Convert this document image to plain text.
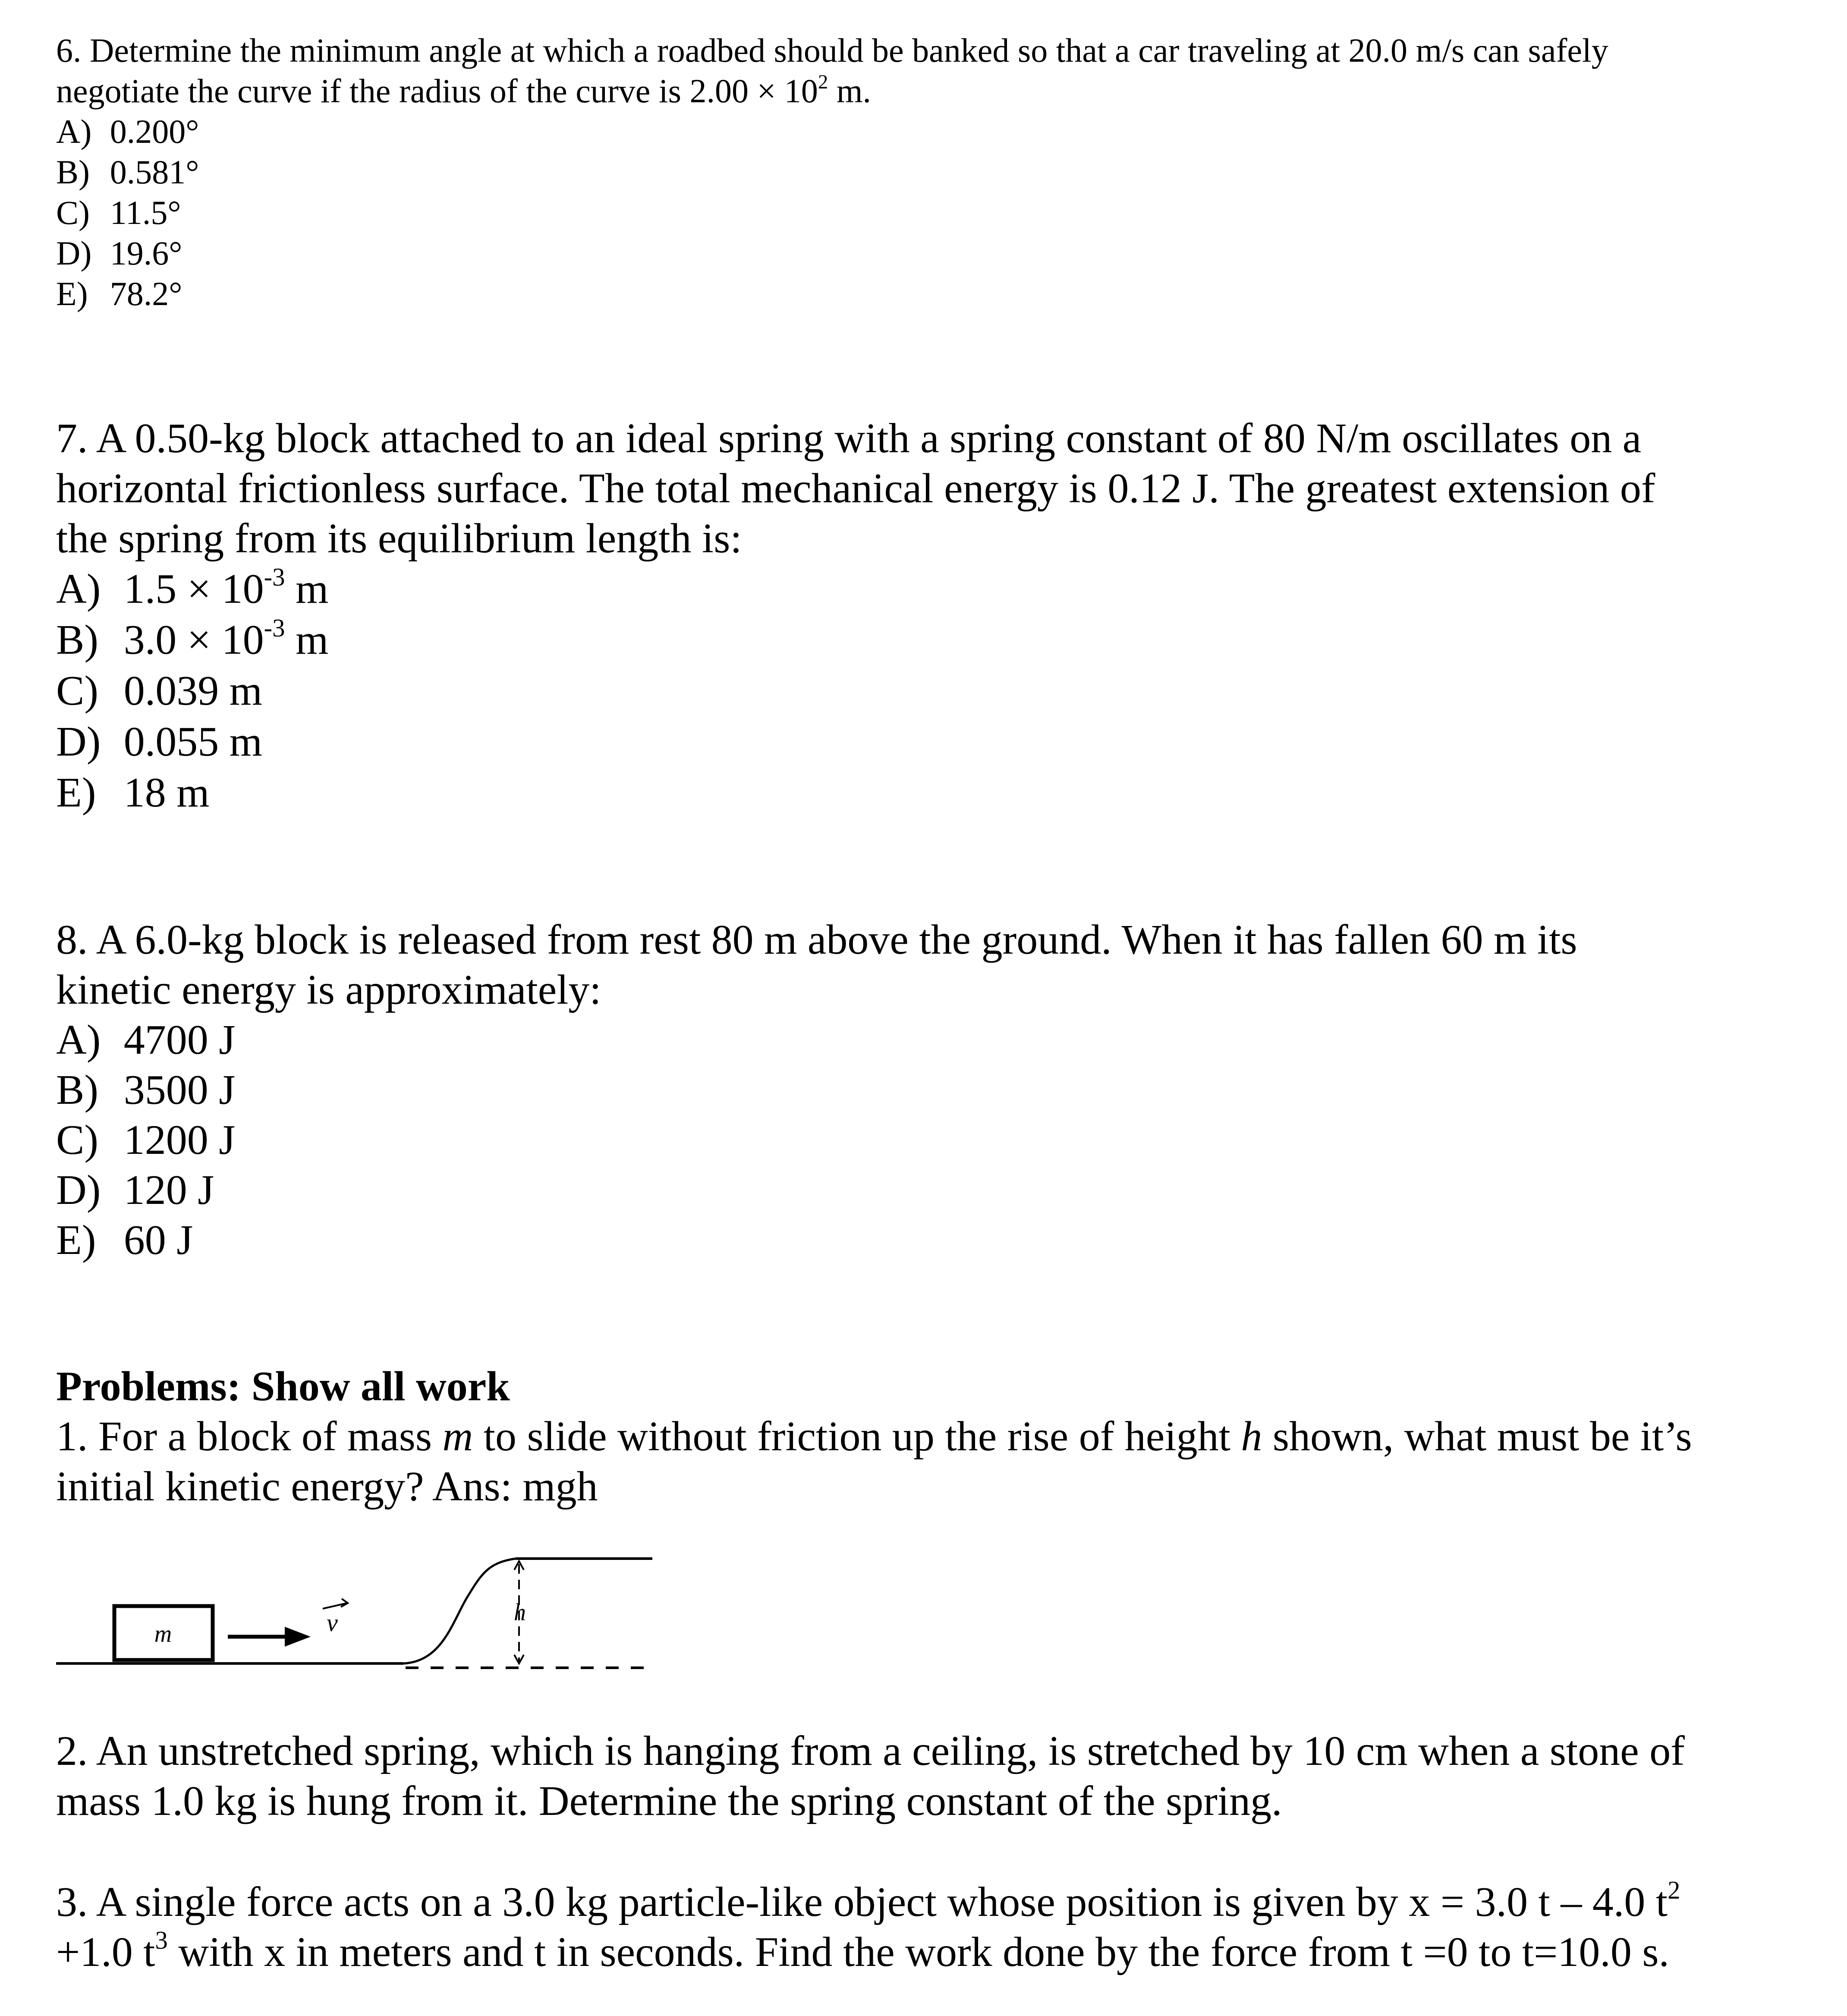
6. Determine the minimum angle at which a roadbed should be banked so that a car traveling at 20.0 m/s can safely
negotiate the curve if the radius of the curve is $2.00 \times 10^2$ m.
A) 0.200°
B) 0.581°
C) 11.5°
D) 19.6°
E) 78.2°
7. A 0.50-kg block attached to an ideal spring with a spring constant of 80 N/m oscillates on a
horizontal frictionless surface. The total mechanical energy is 0.12 J. The greatest extension of
the spring from its equilibrium length is:
A) $1.5 \times 10^{-3}$ m
B) $3.0 \times 10^{-3}$ m
C) 0.039 m
D) 0.055 m
E) 18 m
8. A 6.0-kg block is released from rest 80 m above the ground. When it has fallen 60 m its
kinetic energy is approximately:
A) 4700 J
B) 3500 J
C) 1200 J
D) 120 J
E) 60 J

Problems: Show all work

1. For a block of mass m to slide without friction up the rise of height h shown, what must be it’s
initial kinetic energy? Ans: mgh
m	v	h
2. An unstretched spring, which is hanging from a ceiling, is stretched by 10 cm when a stone of
mass 1.0 kg is hung from it. Determine the spring constant of the spring.
3. A single force acts on a 3.0 kg particle-like object whose position is given by x = 3.0 t – 4.0 $t^2$
+1.0 $t^3$ with x in meters and t in seconds. Find the work done by the force from t =0 to t=10.0 s.
